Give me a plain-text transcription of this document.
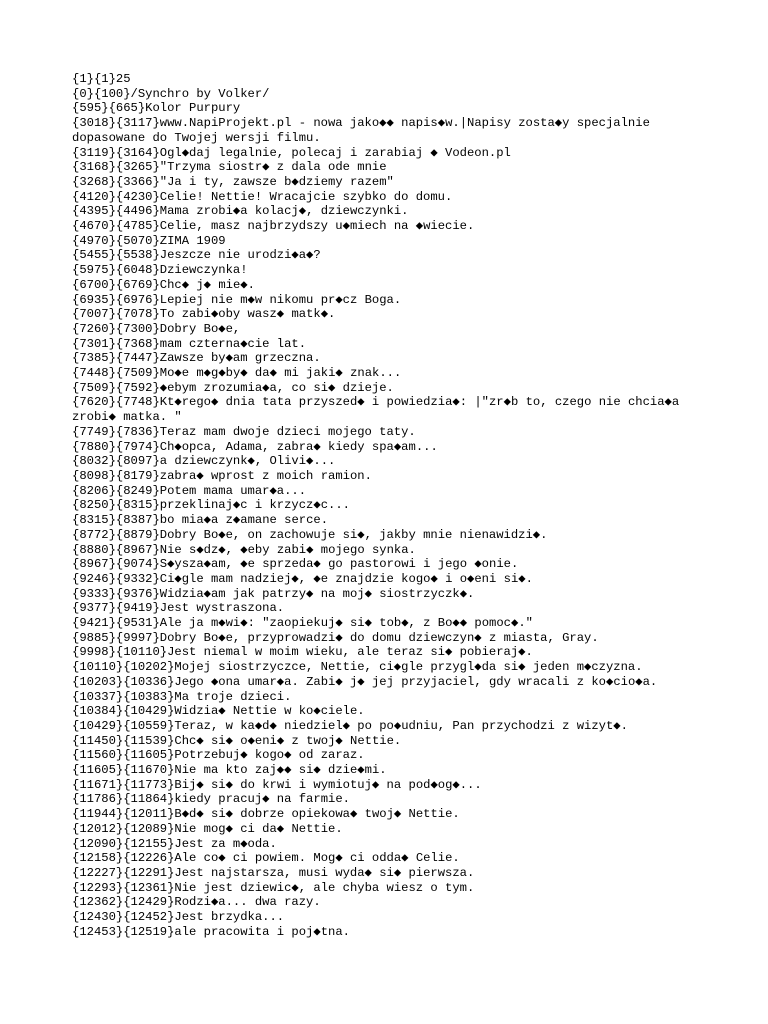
{1}{1}25
{0}{100}/Synchro by Volker/
{595}{665}Kolor Purpury
{3018}{3117}www.NapiProjekt.pl - nowa jako◆◆ napis◆w.|Napisy zosta◆y specjalnie dopasowane do Twojej wersji filmu.
{3119}{3164}Ogl◆daj legalnie, polecaj i zarabiaj ◆ Vodeon.pl
{3168}{3265}"Trzyma siostr◆ z dala ode mnie
{3268}{3366}"Ja i ty, zawsze b◆dziemy razem"
{4120}{4230}Celie! Nettie! Wracajcie szybko do domu.
{4395}{4496}Mama zrobi◆a kolacj◆, dziewczynki.
{4670}{4785}Celie, masz najbrzydszy u◆miech na ◆wiecie.
{4970}{5070}ZIMA 1909
{5455}{5538}Jeszcze nie urodzi◆a◆?
{5975}{6048}Dziewczynka!
{6700}{6769}Chc◆ j◆ mie◆.
{6935}{6976}Lepiej nie m◆w nikomu pr◆cz Boga.
{7007}{7078}To zabi◆oby wasz◆ matk◆.
{7260}{7300}Dobry Bo◆e,
{7301}{7368}mam czterna◆cie lat.
{7385}{7447}Zawsze by◆am grzeczna.
{7448}{7509}Mo◆e m◆g◆by◆ da◆ mi jaki◆ znak...
{7509}{7592}◆ebym zrozumia◆a, co si◆ dzieje.
{7620}{7748}Kt◆rego◆ dnia tata przyszed◆ i powiedzia◆: |"zr◆b to, czego nie chcia◆a zrobi◆ matka. "
{7749}{7836}Teraz mam dwoje dzieci mojego taty.
{7880}{7974}Ch◆opca, Adama, zabra◆ kiedy spa◆am...
{8032}{8097}a dziewczynk◆, Olivi◆...
{8098}{8179}zabra◆ wprost z moich ramion.
{8206}{8249}Potem mama umar◆a...
{8250}{8315}przeklinaj◆c i krzycz◆c...
{8315}{8387}bo mia◆a z◆amane serce.
{8772}{8879}Dobry Bo◆e, on zachowuje si◆, jakby mnie nienawidzi◆.
{8880}{8967}Nie s◆dz◆, ◆eby zabi◆ mojego synka.
{8967}{9074}S◆ysza◆am, ◆e sprzeda◆ go pastorowi i jego ◆onie.
{9246}{9332}Ci◆gle mam nadziej◆, ◆e znajdzie kogo◆ i o◆eni si◆.
{9333}{9376}Widzia◆am jak patrzy◆ na moj◆ siostrzyczk◆.
{9377}{9419}Jest wystraszona.
{9421}{9531}Ale ja m◆wi◆: "zaopiekuj◆ si◆ tob◆, z Bo◆◆ pomoc◆."
{9885}{9997}Dobry Bo◆e, przyprowadzi◆ do domu dziewczyn◆ z miasta, Gray.
{9998}{10110}Jest niemal w moim wieku, ale teraz si◆ pobieraj◆.
{10110}{10202}Mojej siostrzyczce, Nettie, ci◆gle przygl◆da si◆ jeden m◆czyzna.
{10203}{10336}Jego ◆ona umar◆a. Zabi◆ j◆ jej przyjaciel, gdy wracali z ko◆cio◆a.
{10337}{10383}Ma troje dzieci.
{10384}{10429}Widzia◆ Nettie w ko◆ciele.
{10429}{10559}Teraz, w ka◆d◆ niedziel◆ po po◆udniu, Pan przychodzi z wizyt◆.
{11450}{11539}Chc◆ si◆ o◆eni◆ z twoj◆ Nettie.
{11560}{11605}Potrzebuj◆ kogo◆ od zaraz.
{11605}{11670}Nie ma kto zaj◆◆ si◆ dzie◆mi.
{11671}{11773}Bij◆ si◆ do krwi i wymiotuj◆ na pod◆og◆...
{11786}{11864}kiedy pracuj◆ na farmie.
{11944}{12011}B◆d◆ si◆ dobrze opiekowa◆ twoj◆ Nettie.
{12012}{12089}Nie mog◆ ci da◆ Nettie.
{12090}{12155}Jest za m◆oda.
{12158}{12226}Ale co◆ ci powiem. Mog◆ ci odda◆ Celie.
{12227}{12291}Jest najstarsza, musi wyda◆ si◆ pierwsza.
{12293}{12361}Nie jest dziewic◆, ale chyba wiesz o tym.
{12362}{12429}Rodzi◆a... dwa razy.
{12430}{12452}Jest brzydka...
{12453}{12519}ale pracowita i poj◆tna.
